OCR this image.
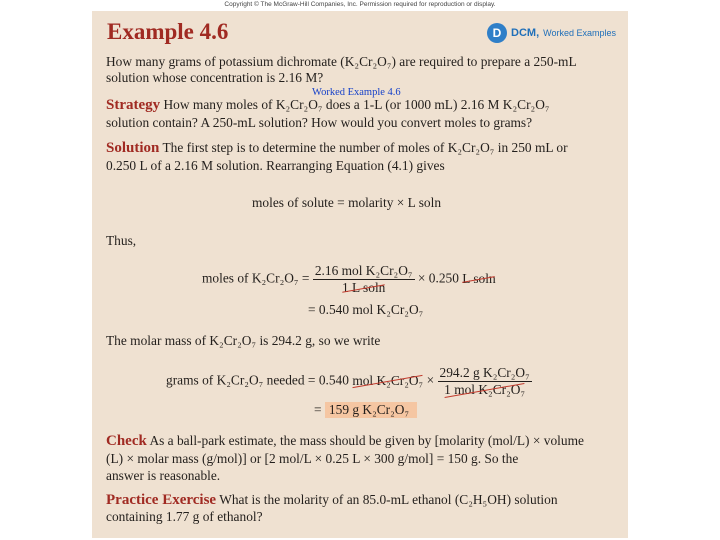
Copyright © The McGraw-Hill Companies, Inc. Permission required for reproduction or display.
Example 4.6	D DCM, Worked Examples
Worked Example 4.6
How many grams of potassium dichromate (K₂Cr₂O₇) are required to prepare a 250-mL
solution whose concentration is 2.16 M?
Strategy How many moles of K₂Cr₂O₇ does a 1-L (or 1000 mL) 2.16 M K₂Cr₂O₇
solution contain? A 250-mL solution? How would you convert moles to grams?
Solution The first step is to determine the number of moles of K₂Cr₂O₇ in 250 mL or
0.250 L of a 2.16 M solution. Rearranging Equation (4.1) gives
moles of solute = molarity × L soln
Thus,
moles of $K_2Cr_2O_7 = \frac{\text{2.16 mol K₂Cr₂O₇}}{\text{1 L soln}} \times 0.250$ L soln
= 0.540 mol K₂Cr₂O₇
The molar mass of K₂Cr₂O₇ is 294.2 g, so we write
grams of K₂Cr₂O₇ needed = 0.540 mol $K_2Cr_2O_7 \times \frac{\text{294.2 g K₂Cr₂O₇}}{\text{1 mol K₂Cr₂O₇}}$
= 159 g K₂Cr₂O₇
Check As a ball-park estimate, the mass should be given by [molarity (mol/L) × volume
(L) × molar mass (g/mol)] or [2 mol/L × 0.25 L × 300 g/mol] = 150 g. So the
answer is reasonable.
Practice Exercise What is the molarity of an 85.0-mL ethanol (C₂H₅OH) solution
containing 1.77 g of ethanol?
